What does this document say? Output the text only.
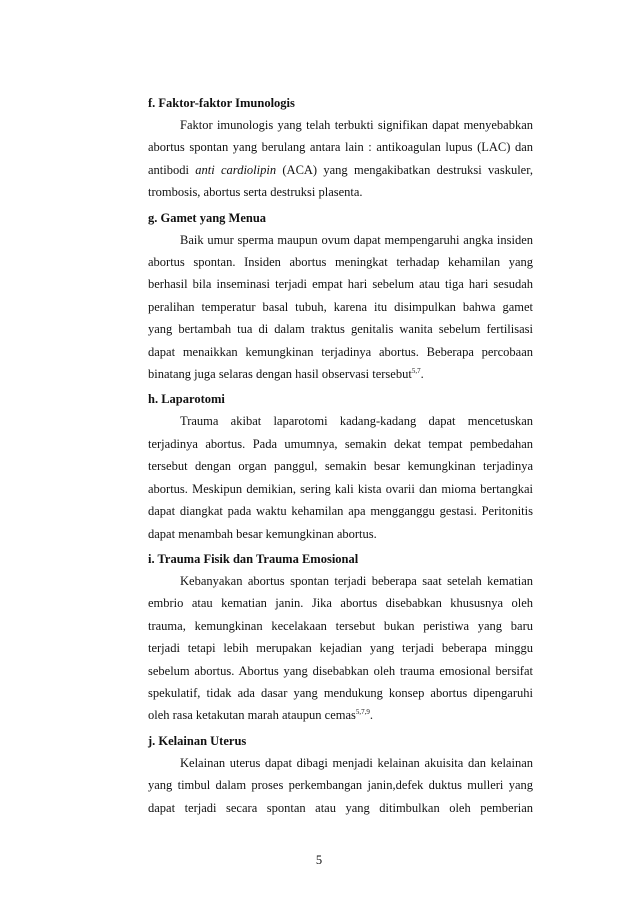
f. Faktor-faktor Imunologis

Faktor imunologis yang telah terbukti signifikan dapat menyebabkan
abortus spontan yang berulang antara lain : antikoagulan lupus (LAC) dan
antibodi anti cardiolipin (ACA) yang mengakibatkan destruksi vaskuler,
trombosis, abortus serta destruksi plasenta.

g. Gamet yang Menua

Baik umur sperma maupun ovum dapat mempengaruhi angka insiden
abortus spontan. Insiden abortus meningkat terhadap kehamilan yang
berhasil bila inseminasi terjadi empat hari sebelum atau tiga hari sesudah
peralihan temperatur basal tubuh, karena itu disimpulkan bahwa gamet
yang bertambah tua di dalam traktus genitalis wanita sebelum fertilisasi
dapat menaikkan kemungkinan terjadinya abortus. Beberapa percobaan
binatang juga selaras dengan hasil observasi tersebut$^{5,7}$.

h. Laparotomi

Trauma akibat laparotomi kadang-kadang dapat mencetuskan
terjadinya abortus. Pada umumnya, semakin dekat tempat pembedahan
tersebut dengan organ panggul, semakin besar kemungkinan terjadinya
abortus. Meskipun demikian, sering kali kista ovarii dan mioma bertangkai
dapat diangkat pada waktu kehamilan apa mengganggu gestasi. Peritonitis
dapat menambah besar kemungkinan abortus.

i. Trauma Fisik dan Trauma Emosional

Kebanyakan abortus spontan terjadi beberapa saat setelah kematian
embrio atau kematian janin. Jika abortus disebabkan khususnya oleh
trauma, kemungkinan kecelakaan tersebut bukan peristiwa yang baru
terjadi tetapi lebih merupakan kejadian yang terjadi beberapa minggu
sebelum abortus. Abortus yang disebabkan oleh trauma emosional bersifat
spekulatif, tidak ada dasar yang mendukung konsep abortus dipengaruhi
oleh rasa ketakutan marah ataupun cemas$^{5,7,9}$.

j. Kelainan Uterus

Kelainan uterus dapat dibagi menjadi kelainan akuisita dan kelainan
yang timbul dalam proses perkembangan janin,defek duktus mulleri yang
dapat terjadi secara spontan atau yang ditimbulkan oleh pemberian
5
